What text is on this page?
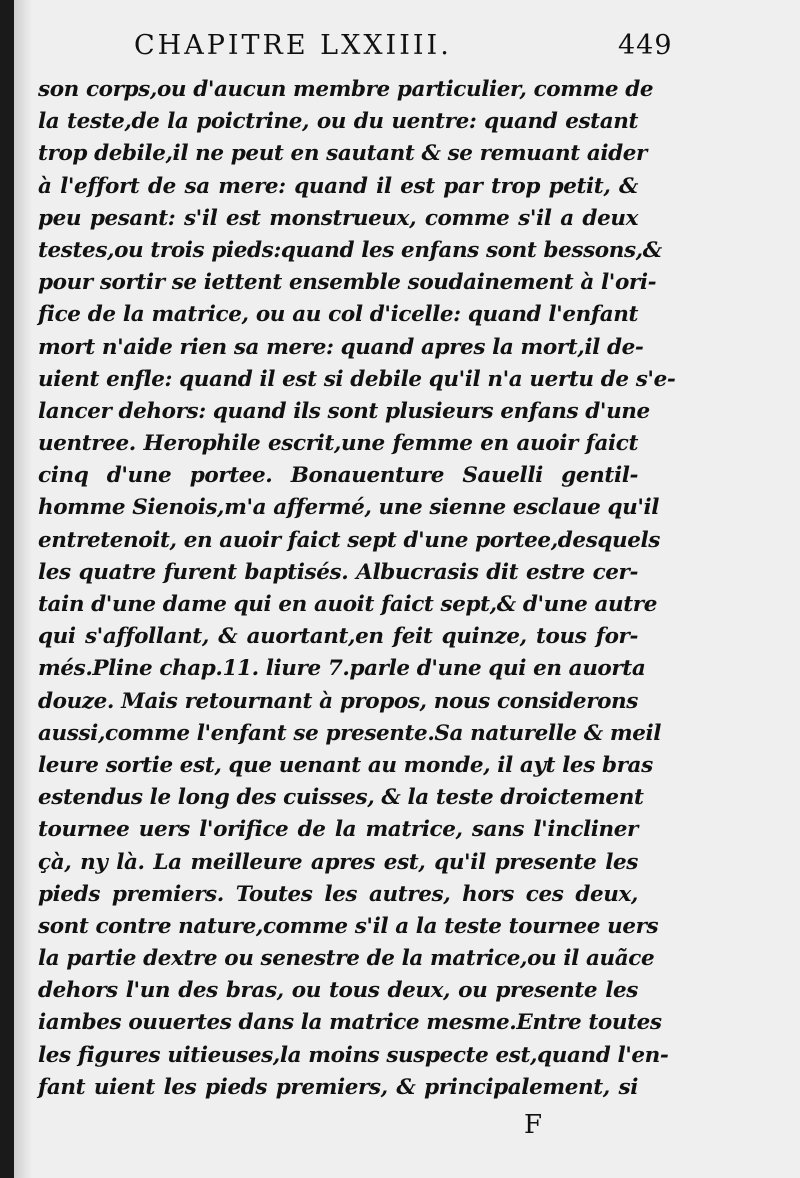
CHAPITRE LXXIIII.	449
son corps,ou d'aucun membre particulier, comme de
la teste,de la poictrine, ou du uentre: quand estant
trop debile,il ne peut en sautant & se remuant aider
à l'effort de sa mere: quand il est par trop petit, &
peu pesant: s'il est monstrueux, comme s'il a deux
testes,ou trois pieds:quand les enfans sont bessons,&
pour sortir se iettent ensemble soudainement à l'ori-
fice de la matrice, ou au col d'icelle: quand l'enfant
mort n'aide rien sa mere: quand apres la mort,il de-
uient enfle: quand il est si debile qu'il n'a uertu de s'e-
lancer dehors: quand ils sont plusieurs enfans d'une
uentree. Herophile escrit,une femme en auoir faict
cinq d'une portee. Bonauenture Sauelli gentil-
homme Sienois,m'a affermé, une sienne esclaue qu'il
entretenoit, en auoir faict sept d'une portee,desquels
les quatre furent baptisés. Albucrasis dit estre cer-
tain d'une dame qui en auoit faict sept,& d'une autre
qui s'affollant, & auortant,en feit quinze, tous for-
més.Pline chap.11. liure 7.parle d'une qui en auorta
douze. Mais retournant à propos, nous considerons
aussi,comme l'enfant se presente.Sa naturelle & meil
leure sortie est, que uenant au monde, il ayt les bras
estendus le long des cuisses, & la teste droictement
tournee uers l'orifice de la matrice, sans l'incliner
çà, ny là. La meilleure apres est, qu'il presente les
pieds premiers. Toutes les autres, hors ces deux,
sont contre nature,comme s'il a la teste tournee uers
la partie dextre ou senestre de la matrice,ou il auãce
dehors l'un des bras, ou tous deux, ou presente les
iambes ouuertes dans la matrice mesme.Entre toutes
les figures uitieuses,la moins suspecte est,quand l'en-
fant uient les pieds premiers, & principalement, si
F
